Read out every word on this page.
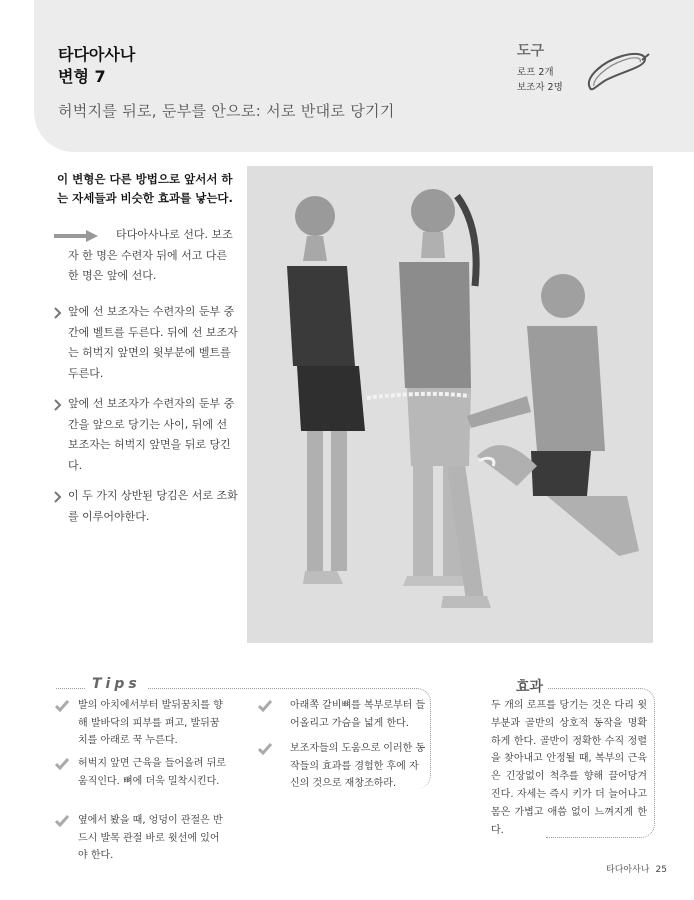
타다아사나
변형 7
허벅지를 뒤로, 둔부를 안으로: 서로 반대로 당기기
도구
로프 2개
보조자 2명
이 변형은 다른 방법으로 앞서서 하는 자세들과 비슷한 효과를 낳는다.
타다아사나로 선다. 보조자 한 명은 수련자 뒤에 서고 다른 한 명은 앞에 선다.
앞에 선 보조자는 수련자의 둔부 중간에 벨트를 두른다. 뒤에 선 보조자는 허벅지 앞면의 윗부분에 벨트를 두른다.
앞에 선 보조자가 수련자의 둔부 중간을 앞으로 당기는 사이, 뒤에 선 보조자는 허벅지 앞면을 뒤로 당긴다.
이 두 가지 상반된 당김은 서로 조화를 이루어야한다.
Tips
발의 아치에서부터 발뒤꿈치를 향해 발바닥의 피부를 펴고, 발뒤꿈치를 아래로 꾹 누른다.
허벅지 앞면 근육을 들어올려 뒤로 움직인다. 뼈에 더욱 밀착시킨다.
옆에서 봤을 때, 엉덩이 관절은 반드시 발목 관절 바로 윗선에 있어야 한다.
아래쪽 갈비뼈를 복부로부터 들어올리고 가슴을 넓게 한다.
보조자들의 도움으로 이러한 동작들의 효과를 경험한 후에 자신의 것으로 재창조하라.
효과
두 개의 로프를 당기는 것은 다리 윗부분과 골반의 상호적 동작을 명확하게 한다. 골반이 정확한 수직 정렬을 찾아내고 안정될 때, 복부의 근육은 긴장없이 척추를 향해 끌어당겨진다. 자세는 즉시 키가 더 늘어나고 몸은 가볍고 애씀 없이 느껴지게 한다.
타다아사나 25
